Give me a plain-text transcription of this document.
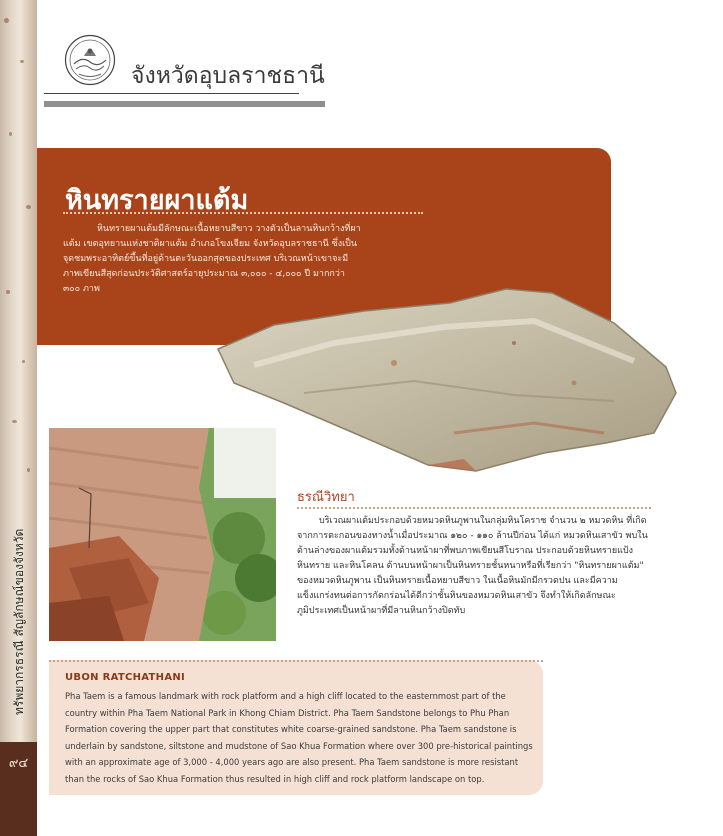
ทรัพยากรธรณี สัญลักษณ์ของจังหวัด
๙๔
จังหวัดอุบลราชธานี
หินทรายผาแต้ม

หินทรายผาแต้มมีลักษณะเนื้อหยาบสีขาว วางตัวเป็นลานหินกว้างที่ผาแต้ม เขตอุทยานแห่งชาติผาแต้ม อำเภอโขงเจียม จังหวัดอุบลราชธานี ซึ่งเป็นจุดชมพระอาทิตย์ขึ้นที่อยู่ด้านตะวันออกสุดของประเทศ บริเวณหน้าเขาจะมีภาพเขียนสีสุดก่อนประวัติศาสตร์อายุประมาณ ๓,๐๐๐ - ๔,๐๐๐ ปี มากกว่า ๓๐๐ ภาพ

ธรณีวิทยา

บริเวณผาแต้มประกอบด้วยหมวดหินภูพานในกลุ่มหินโคราช จำนวน ๒ หมวดหิน ที่เกิดจากการตะกอนของทางน้ำเมื่อประมาณ ๑๒๐ - ๑๑๐ ล้านปีก่อน ได้แก่ หมวดหินเสาขัว พบในด้านล่างของผาแต้มรวมทั้งด้านหน้าผาที่พบภาพเขียนสีโบราณ ประกอบด้วยหินทรายแป้ง หินทราย และหินโคลน ด้านบนหน้าผาเป็นหินทรายชั้นหนาหรือที่เรียกว่า "หินทรายผาแต้ม" ของหมวดหินภูพาน เป็นหินทรายเนื้อหยาบสีขาว ในเนื้อหินมักมีกรวดปน และมีความแข็งแกร่งทนต่อการกัดกร่อนได้ดีกว่าชั้นหินของหมวดหินเสาขัว จึงทำให้เกิดลักษณะภูมิประเทศเป็นหน้าผาที่มีลานหินกว้างปิดทับ

UBON RATCHATHANI

Pha Taem is a famous landmark with rock platform and a high cliff located to the easternmost part of the country within Pha Taem National Park in Khong Chiam District. Pha Taem Sandstone belongs to Phu Phan Formation covering the upper part that constitutes white coarse-grained sandstone. Pha Taem sandstone is underlain by sandstone, siltstone and mudstone of Sao Khua Formation where over 300 pre-historical paintings with an approximate age of 3,000 - 4,000 years ago are also present. Pha Taem sandstone is more resistant than the rocks of Sao Khua Formation thus resulted in high cliff and rock platform landscape on top.
